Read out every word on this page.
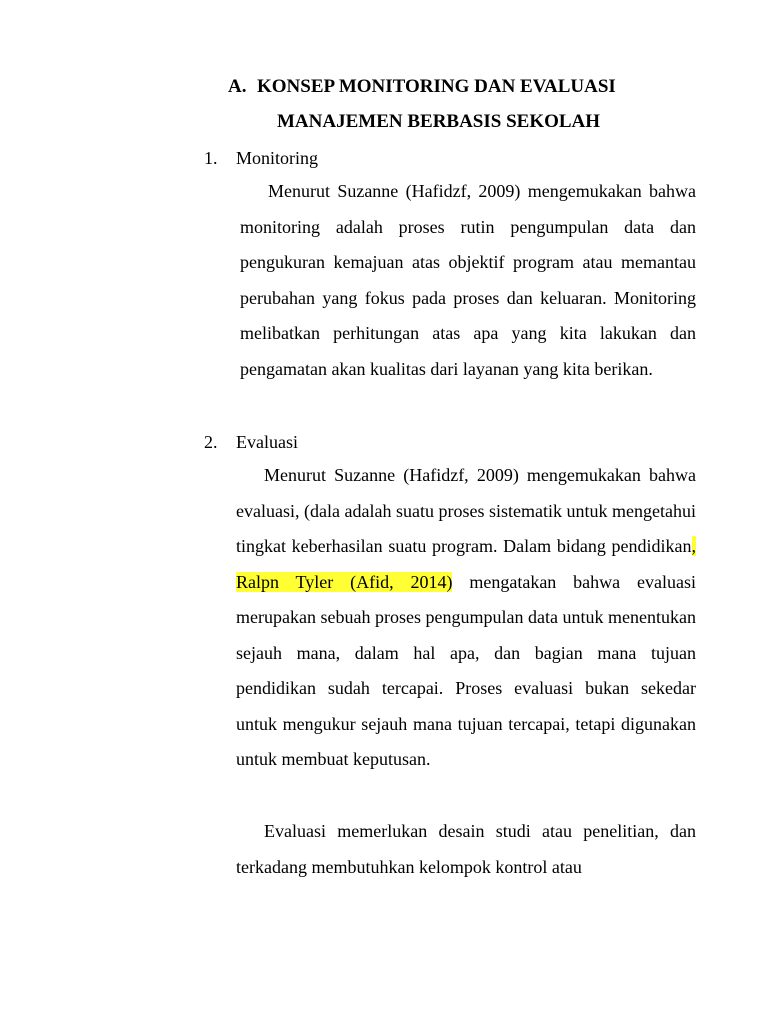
A. KONSEP MONITORING DAN EVALUASI
MANAJEMEN BERBASIS SEKOLAH
1. Monitoring

Menurut Suzanne (Hafidzf, 2009) mengemukakan bahwa monitoring adalah proses rutin pengumpulan data dan pengukuran kemajuan atas objektif program atau memantau perubahan yang fokus pada proses dan keluaran. Monitoring melibatkan perhitungan atas apa yang kita lakukan dan pengamatan akan kualitas dari layanan yang kita berikan.

2. Evaluasi

Menurut Suzanne (Hafidzf, 2009) mengemukakan bahwa evaluasi, (dala adalah suatu proses sistematik untuk mengetahui tingkat keberhasilan suatu program. Dalam bidang pendidikan, Ralpn Tyler (Afid, 2014) mengatakan bahwa evaluasi merupakan sebuah proses pengumpulan data untuk menentukan sejauh mana, dalam hal apa, dan bagian mana tujuan pendidikan sudah tercapai. Proses evaluasi bukan sekedar untuk mengukur sejauh mana tujuan tercapai, tetapi digunakan untuk membuat keputusan.

Evaluasi memerlukan desain studi atau penelitian, dan terkadang membutuhkan kelompok kontrol atau
